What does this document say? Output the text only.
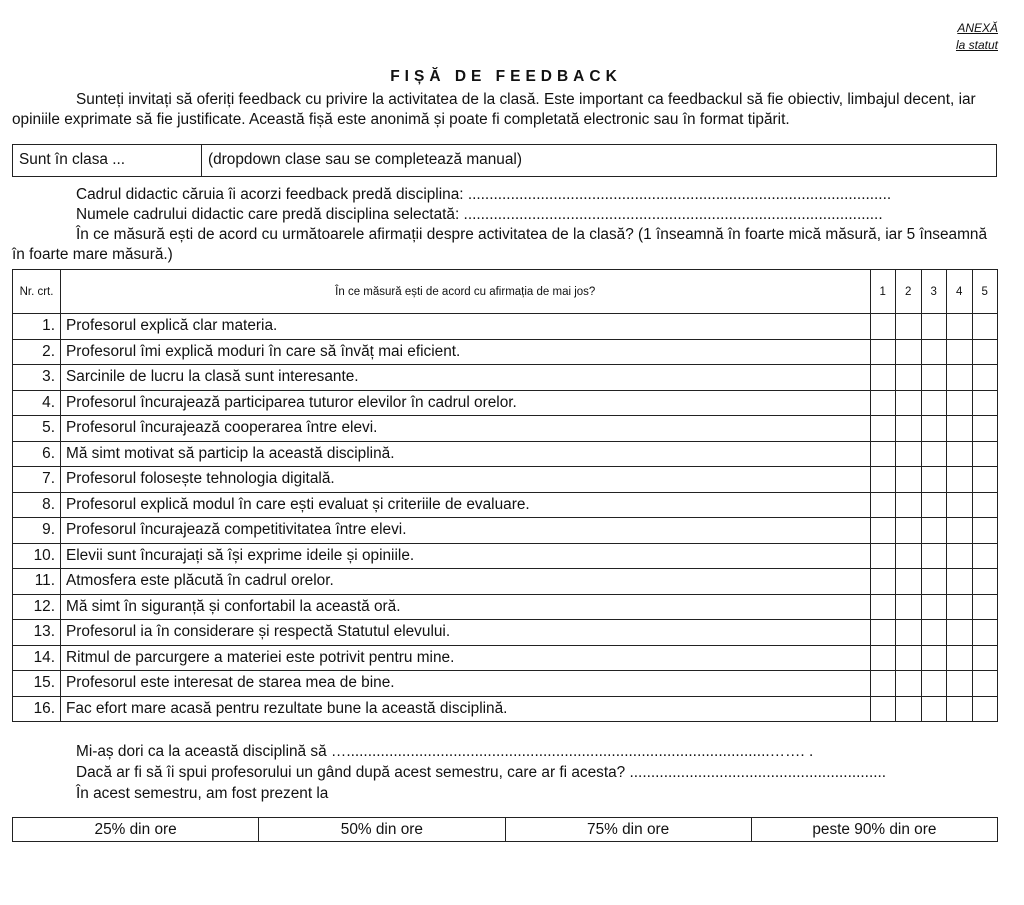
ANEXĂ
la statut
FIȘĂ DE FEEDBACK
Sunteți invitați să oferiți feedback cu privire la activitatea de la clasă. Este important ca feedbackul să fie obiectiv, limbajul decent, iar opiniile exprimate să fie justificate. Această fișă este anonimă și poate fi completată electronic sau în format tipărit.
Sunt în clasa ...	(dropdown clase sau se completează manual)
Cadrul didactic căruia îi acorzi feedback predă disciplina: ...................................................................................................
Numele cadrului didactic care predă disciplina selectată: ..................................................................................................
În ce măsură ești de acord cu următoarele afirmații despre activitatea de la clasă? (1 înseamnă în foarte mică măsură, iar 5 înseamnă în foarte mare măsură.)
Nr. crt.	În ce măsură ești de acord cu afirmația de mai jos?	1	2	3	4	5
1.	Profesorul explică clar materia.					
2.	Profesorul îmi explică moduri în care să învăț mai eficient.					
3.	Sarcinile de lucru la clasă sunt interesante.					
4.	Profesorul încurajează participarea tuturor elevilor în cadrul orelor.					
5.	Profesorul încurajează cooperarea între elevi.					
6.	Mă simt motivat să particip la această disciplină.					
7.	Profesorul folosește tehnologia digitală.					
8.	Profesorul explică modul în care ești evaluat și criteriile de evaluare.					
9.	Profesorul încurajează competitivitatea între elevi.					
10.	Elevii sunt încurajați să își exprime ideile și opiniile.					
11.	Atmosfera este plăcută în cadrul orelor.					
12.	Mă simt în siguranță și confortabil la această oră.					
13.	Profesorul ia în considerare și respectă Statutul elevului.					
14.	Ritmul de parcurgere a materiei este potrivit pentru mine.					
15.	Profesorul este interesat de starea mea de bine.					
16.	Fac efort mare acasă pentru rezultate bune la această disciplină.					
Mi-aș dori ca la această disciplină să …...................................................................................................……. .
Dacă ar fi să îi spui profesorului un gând după acest semestru, care ar fi acesta? ............................................................
În acest semestru, am fost prezent la
25% din ore	50% din ore	75% din ore	peste 90% din ore
